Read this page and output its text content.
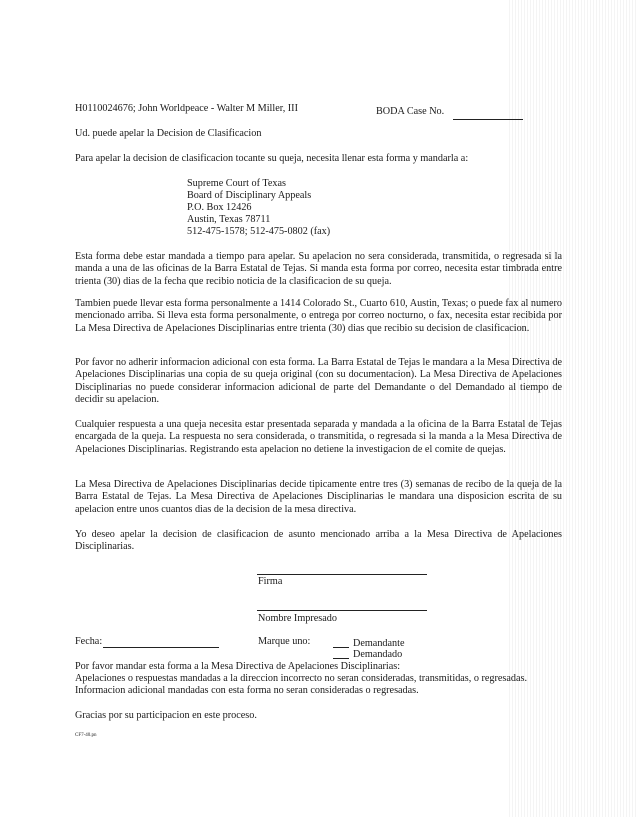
H0110024676; John Worldpeace - Walter M Miller, III	BODA Case No.
Ud. puede apelar la Decision de Clasificacion
Para apelar la decision de clasificacion tocante su queja, necesita llenar esta forma y mandarla a:
Supreme Court of Texas
Board of Disciplinary Appeals
P.O. Box 12426
Austin, Texas 78711
512-475-1578; 512-475-0802 (fax)
Esta forma debe estar mandada a tiempo para apelar. Su apelacion no sera considerada, transmitida, o regresada si la manda a una de las oficinas de la Barra Estatal de Tejas. Si manda esta forma por correo, necesita estar timbrada entre trienta (30) dias de la fecha que recibio noticia de la clasificacion de su queja.
Tambien puede llevar esta forma personalmente a 1414 Colorado St., Cuarto 610, Austin, Texas; o puede fax al numero mencionado arriba. Si lleva esta forma personalmente, o entrega por correo nocturno, o fax, necesita estar recibida por La Mesa Directiva de Apelaciones Disciplinarias entre trienta (30) dias que recibio su decision de clasificacion.
Por favor no adherir informacion adicional con esta forma. La Barra Estatal de Tejas le mandara a la Mesa Directiva de Apelaciones Disciplinarias una copia de su queja original (con su documentacion). La Mesa Directiva de Apelaciones Disciplinarias no puede considerar informacion adicional de parte del Demandante o del Demandado al tiempo de decidir su apelacion.
Cualquier respuesta a una queja necesita estar presentada separada y mandada a la oficina de la Barra Estatal de Tejas encargada de la queja. La respuesta no sera considerada, o transmitida, o regresada si la manda a la Mesa Directiva de Apelaciones Disciplinarias. Registrando esta apelacion no detiene la investigacion de el comite de quejas.
La Mesa Directiva de Apelaciones Disciplinarias decide tipicamente entre tres (3) semanas de recibo de la queja de la Barra Estatal de Tejas. La Mesa Directiva de Apelaciones Disciplinarias le mandara una disposicion escrita de su apelacion entre unos cuantos dias de la decision de la mesa directiva.
Yo deseo apelar la decision de clasificacion de asunto mencionado arriba a la Mesa Directiva de Apelaciones Disciplinarias.
Firma
Nombre Impresado
Fecha:	Marque uno:	Demandante
Demandado
Por favor mandar esta forma a la Mesa Directiva de Apelaciones Disciplinarias:
Apelaciones o respuestas mandadas a la direccion incorrecto no seran consideradas, transmitidas, o regresadas.
Informacion adicional mandadas con esta forma no seran consideradas o regresadas.
Gracias por su participacion en este proceso.
CF7-40.pn
